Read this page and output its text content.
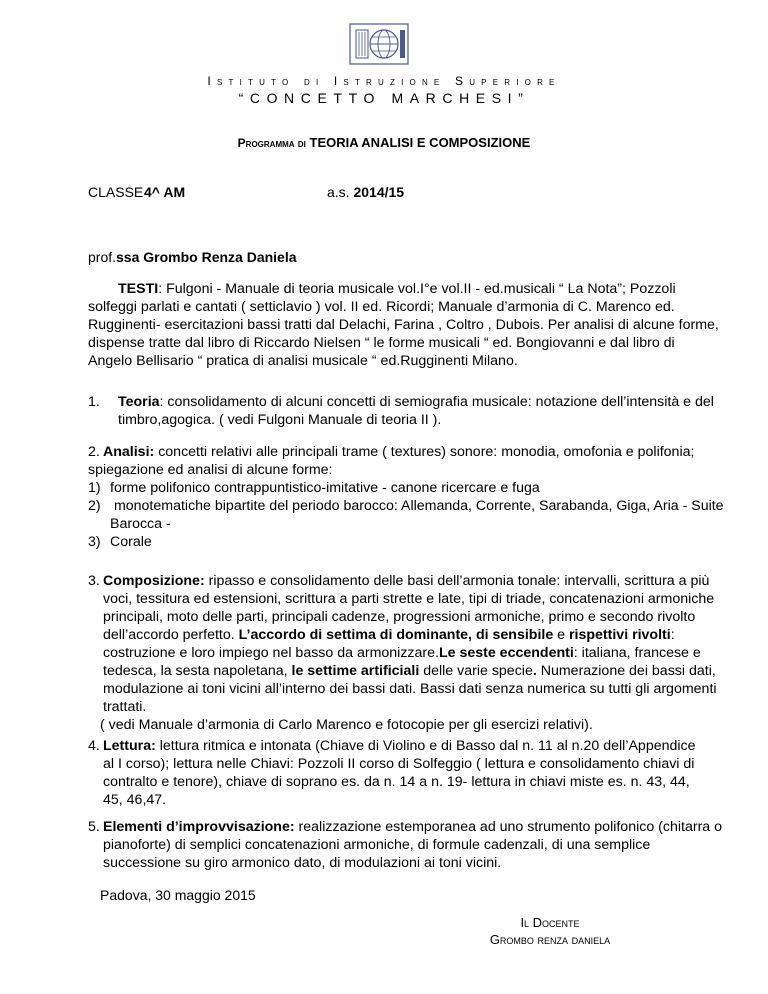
Istituto di Istruzione Superiore
“CONCETTO MARCHESI”
Programma di TEORIA ANALISI E COMPOSIZIONE
CLASSE 4^ AM	a.s. 2014/15
prof.ssa Grombo Renza Daniela
TESTI: Fulgoni - Manuale di teoria musicale vol.I°e vol.II - ed.musicali “ La Nota”; Pozzoli solfeggi parlati e cantati ( setticlavio ) vol. II ed. Ricordi; Manuale d’armonia di C. Marenco ed. Rugginenti- esercitazioni bassi tratti dal Delachi, Farina , Coltro , Dubois. Per analisi di alcune forme, dispense tratte dal libro di Riccardo Nielsen “ le forme musicali “ ed. Bongiovanni e dal libro di Angelo Bellisario “ pratica di analisi musicale “ ed.Rugginenti Milano.
1.	Teoria: consolidamento di alcuni concetti di semiografia musicale: notazione dell’intensità e del timbro,agogica. ( vedi Fulgoni Manuale di teoria II ).
2. Analisi: concetti relativi alle principali trame ( textures) sonore: monodia, omofonia e polifonia;
spiegazione ed analisi di alcune forme:
1) forme polifonico contrappuntistico-imitative - canone ricercare e fuga
2) monotematiche bipartite del periodo barocco: Allemanda, Corrente, Sarabanda, Giga, Aria - Suite Barocca -
3) Corale
3. Composizione: ripasso e consolidamento delle basi dell’armonia tonale: intervalli, scrittura a più voci, tessitura ed estensioni, scrittura a parti strette e late, tipi di triade, concatenazioni armoniche principali, moto delle parti, principali cadenze, progressioni armoniche, primo e secondo rivolto dell’accordo perfetto. L’accordo di settima di dominante, di sensibile e rispettivi rivolti: costruzione e loro impiego nel basso da armonizzare.Le seste eccendenti: italiana, francese e tedesca, la sesta napoletana, le settime artificiali delle varie specie. Numerazione dei bassi dati, modulazione ai toni vicini all’interno dei bassi dati. Bassi dati senza numerica su tutti gli argomenti trattati.
( vedi Manuale d’armonia di Carlo Marenco e fotocopie per gli esercizi relativi).
4. Lettura: lettura ritmica e intonata (Chiave di Violino e di Basso dal n. 11 al n.20 dell’Appendice al I corso); lettura nelle Chiavi: Pozzoli II corso di Solfeggio ( lettura e consolidamento chiavi di contralto e tenore), chiave di soprano es. da n. 14 a n. 19- lettura in chiavi miste es. n. 43, 44, 45, 46,47.
5. Elementi d’improvvisazione: realizzazione estemporanea ad uno strumento polifonico (chitarra o pianoforte) di semplici concatenazioni armoniche, di formule cadenzali, di una semplice successione su giro armonico dato, di modulazioni ai toni vicini.
Padova, 30 maggio 2015
Il Docente
Grombo renza daniela
